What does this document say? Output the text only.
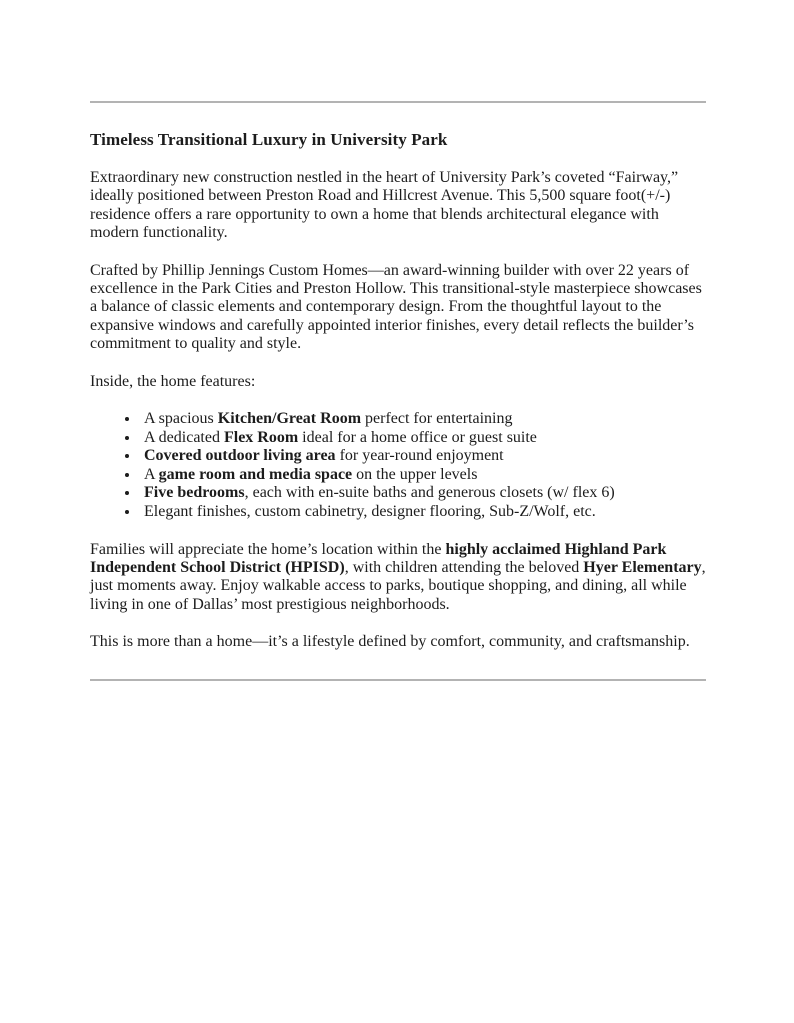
Timeless Transitional Luxury in University Park

Extraordinary new construction nestled in the heart of University Park’s coveted “Fairway,” ideally positioned between Preston Road and Hillcrest Avenue. This 5,500 square foot(+/-) residence offers a rare opportunity to own a home that blends architectural elegance with modern functionality.

Crafted by Phillip Jennings Custom Homes—an award-winning builder with over 22 years of excellence in the Park Cities and Preston Hollow. This transitional-style masterpiece showcases a balance of classic elements and contemporary design. From the thoughtful layout to the expansive windows and carefully appointed interior finishes, every detail reflects the builder’s commitment to quality and style.

Inside, the home features:

• A spacious Kitchen/Great Room perfect for entertaining
• A dedicated Flex Room ideal for a home office or guest suite
• Covered outdoor living area for year-round enjoyment
• A game room and media space on the upper levels
• Five bedrooms, each with en-suite baths and generous closets (w/ flex 6)
• Elegant finishes, custom cabinetry, designer flooring, Sub-Z/Wolf, etc.

Families will appreciate the home’s location within the highly acclaimed Highland Park Independent School District (HPISD), with children attending the beloved Hyer Elementary, just moments away. Enjoy walkable access to parks, boutique shopping, and dining, all while living in one of Dallas’ most prestigious neighborhoods.

This is more than a home—it’s a lifestyle defined by comfort, community, and craftsmanship.
